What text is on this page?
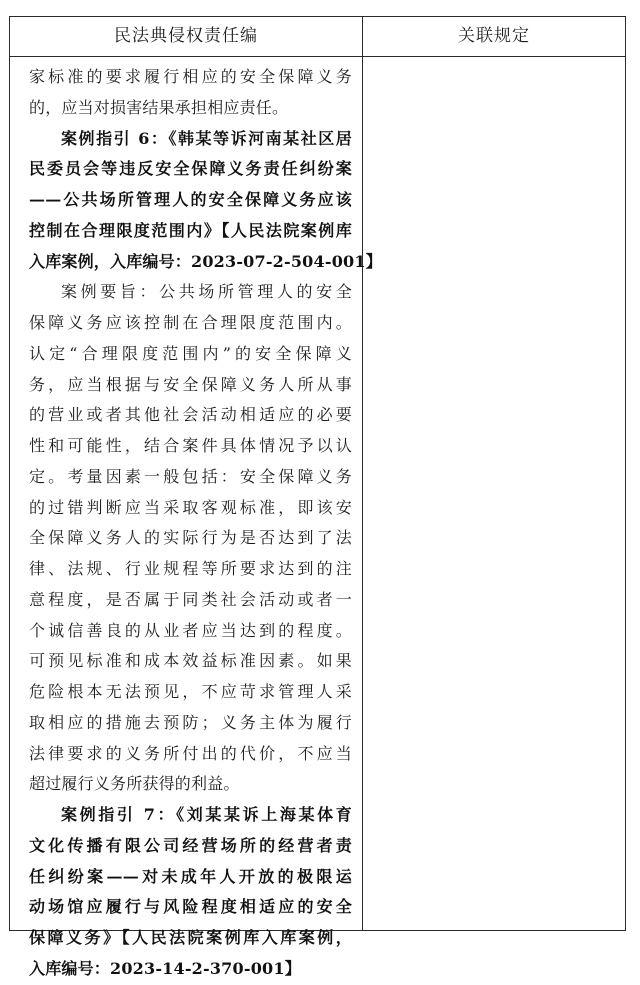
民法典侵权责任编	关联规定
家标准的要求履行相应的安全保障义务
的，应当对损害结果承担相应责任。
案例指引 6：《韩某等诉河南某社区居
民委员会等违反安全保障义务责任纠纷案
——公共场所管理人的安全保障义务应该
控制在合理限度范围内》【人民法院案例库
入库案例，入库编号：2023-07-2-504-001】
案例要旨：公共场所管理人的安全
保障义务应该控制在合理限度范围内。
认定“合理限度范围内”的安全保障义
务，应当根据与安全保障义务人所从事
的营业或者其他社会活动相适应的必要
性和可能性，结合案件具体情况予以认
定。考量因素一般包括：安全保障义务
的过错判断应当采取客观标准，即该安
全保障义务人的实际行为是否达到了法
律、法规、行业规程等所要求达到的注
意程度，是否属于同类社会活动或者一
个诚信善良的从业者应当达到的程度。
可预见标准和成本效益标准因素。如果
危险根本无法预见，不应苛求管理人采
取相应的措施去预防；义务主体为履行
法律要求的义务所付出的代价，不应当
超过履行义务所获得的利益。
案例指引 7：《刘某某诉上海某体育
文化传播有限公司经营场所的经营者责
任纠纷案——对未成年人开放的极限运
动场馆应履行与风险程度相适应的安全
保障义务》【人民法院案例库入库案例，
入库编号：2023-14-2-370-001】
